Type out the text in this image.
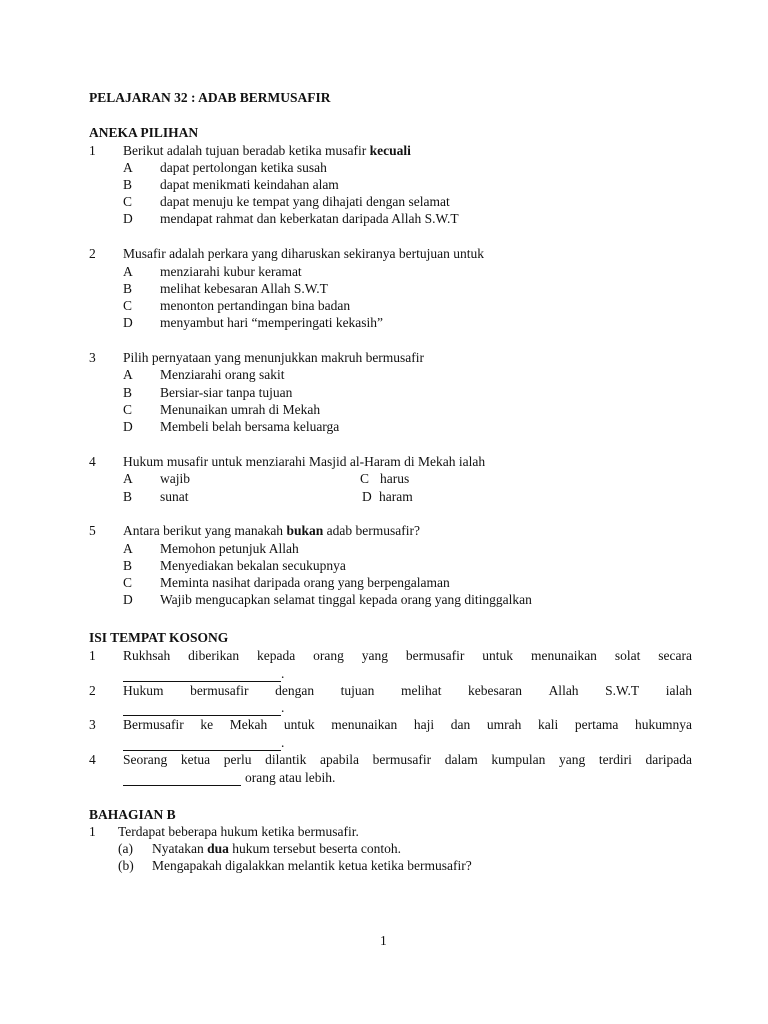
PELAJARAN 32 : ADAB BERMUSAFIR
ANEKA PILIHAN
1 Berikut adalah tujuan beradab ketika musafir kecuali
A dapat pertolongan ketika susah
B dapat menikmati keindahan alam
C dapat menuju ke tempat yang dihajati dengan selamat
D mendapat rahmat dan keberkatan daripada Allah S.W.T
2 Musafir adalah perkara yang diharuskan sekiranya bertujuan untuk
A menziarahi kubur keramat
B melihat kebesaran Allah S.W.T
C menonton pertandingan bina badan
D menyambut hari “memperingati kekasih”
3 Pilih pernyataan yang menunjukkan makruh bermusafir
A Menziarahi orang sakit
B Bersiar-siar tanpa tujuan
C Menunaikan umrah di Mekah
D Membeli belah bersama keluarga
4 Hukum musafir untuk menziarahi Masjid al-Haram di Mekah ialah
A wajib	C harus
B sunat	D haram
5 Antara berikut yang manakah bukan adab bermusafir?
A Memohon petunjuk Allah
B Menyediakan bekalan secukupnya
C Meminta nasihat daripada orang yang berpengalaman
D Wajib mengucapkan selamat tinggal kepada orang yang ditinggalkan
ISI TEMPAT KOSONG
1 Rukhsah diberikan kepada orang yang bermusafir untuk menunaikan solat secara
.
2 Hukum bermusafir dengan tujuan melihat kebesaran Allah S.W.T ialah
.
3 Bermusafir ke Mekah untuk menunaikan haji dan umrah kali pertama hukumnya
.
4 Seorang ketua perlu dilantik apabila bermusafir dalam kumpulan yang terdiri daripada
orang atau lebih.
BAHAGIAN B
1 Terdapat beberapa hukum ketika bermusafir.
(a) Nyatakan dua hukum tersebut beserta contoh.
(b) Mengapakah digalakkan melantik ketua ketika bermusafir?
1
